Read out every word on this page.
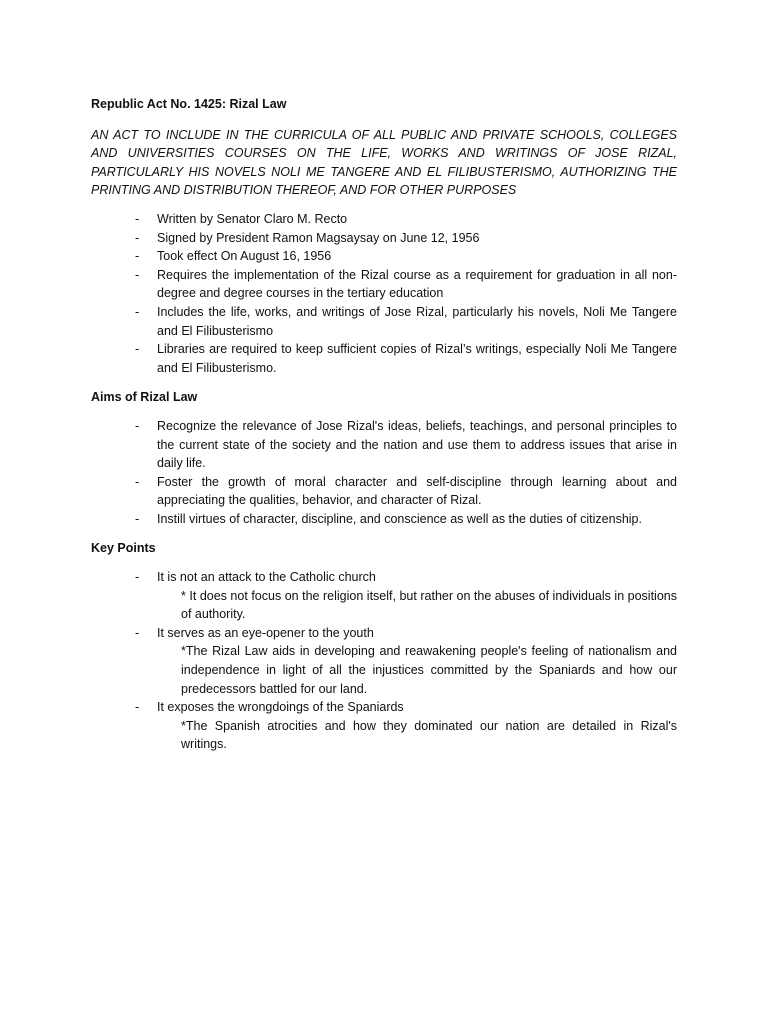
Republic Act No. 1425: Rizal Law

AN ACT TO INCLUDE IN THE CURRICULA OF ALL PUBLIC AND PRIVATE SCHOOLS, COLLEGES AND UNIVERSITIES COURSES ON THE LIFE, WORKS AND WRITINGS OF JOSE RIZAL, PARTICULARLY HIS NOVELS NOLI ME TANGERE AND EL FILIBUSTERISMO, AUTHORIZING THE PRINTING AND DISTRIBUTION THEREOF, AND FOR OTHER PURPOSES

- Written by Senator Claro M. Recto
- Signed by President Ramon Magsaysay on June 12, 1956
- Took effect On August 16, 1956
- Requires the implementation of the Rizal course as a requirement for graduation in all non-degree and degree courses in the tertiary education
- Includes the life, works, and writings of Jose Rizal, particularly his novels, Noli Me Tangere and El Filibusterismo
- Libraries are required to keep sufficient copies of Rizal’s writings, especially Noli Me Tangere and El Filibusterismo.

Aims of Rizal Law

- Recognize the relevance of Jose Rizal's ideas, beliefs, teachings, and personal principles to the current state of the society and the nation and use them to address issues that arise in daily life.
- Foster the growth of moral character and self-discipline through learning about and appreciating the qualities, behavior, and character of Rizal.
- Instill virtues of character, discipline, and conscience as well as the duties of citizenship.

Key Points

- It is not an attack to the Catholic church
* It does not focus on the religion itself, but rather on the abuses of individuals in positions of authority.
- It serves as an eye-opener to the youth
*The Rizal Law aids in developing and reawakening people's feeling of nationalism and independence in light of all the injustices committed by the Spaniards and how our predecessors battled for our land.
- It exposes the wrongdoings of the Spaniards
*The Spanish atrocities and how they dominated our nation are detailed in Rizal's writings.
